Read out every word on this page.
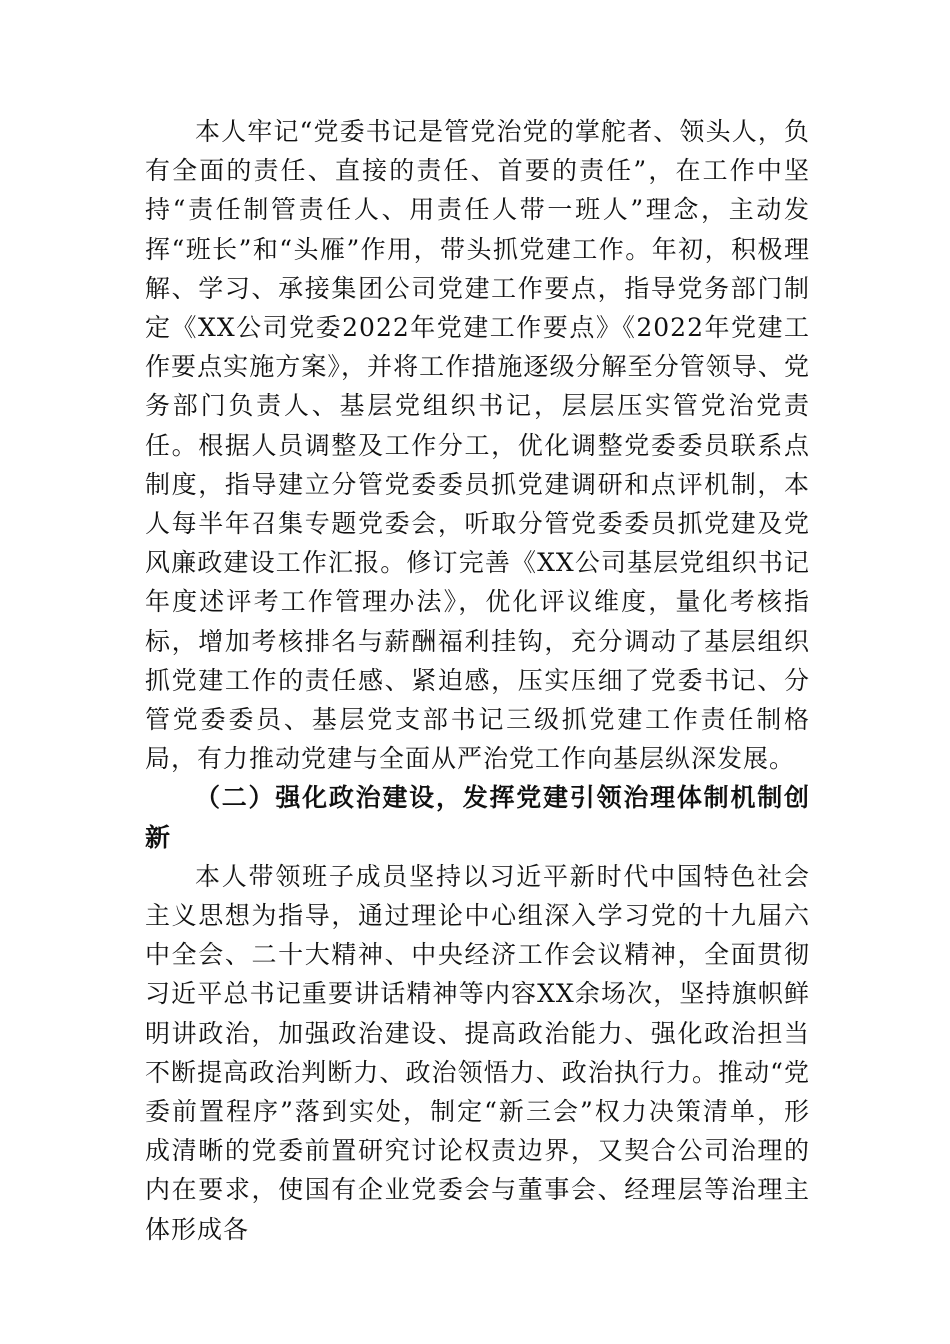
本人牢记“党委书记是管党治党的掌舵者、领头人，负有全面的责任、直接的责任、首要的责任”，在工作中坚持“责任制管责任人、用责任人带一班人”理念，主动发挥“班长”和“头雁”作用，带头抓党建工作。年初，积极理解、学习、承接集团公司党建工作要点，指导党务部门制定《XX公司党委2022年党建工作要点》《2022年党建工作要点实施方案》，并将工作措施逐级分解至分管领导、党务部门负责人、基层党组织书记，层层压实管党治党责任。根据人员调整及工作分工，优化调整党委委员联系点制度，指导建立分管党委委员抓党建调研和点评机制，本人每半年召集专题党委会，听取分管党委委员抓党建及党风廉政建设工作汇报。修订完善《XX公司基层党组织书记年度述评考工作管理办法》，优化评议维度，量化考核指标，增加考核排名与薪酬福利挂钩，充分调动了基层组织抓党建工作的责任感、紧迫感，压实压细了党委书记、分管党委委员、基层党支部书记三级抓党建工作责任制格局，有力推动党建与全面从严治党工作向基层纵深发展。

（二）强化政治建设，发挥党建引领治理体制机制创新

本人带领班子成员坚持以习近平新时代中国特色社会主义思想为指导，通过理论中心组深入学习党的十九届六中全会、二十大精神、中央经济工作会议精神，全面贯彻习近平总书记重要讲话精神等内容XX余场次，坚持旗帜鲜明讲政治，加强政治建设、提高政治能力、强化政治担当不断提高政治判断力、政治领悟力、政治执行力。推动“党委前置程序”落到实处，制定“新三会”权力决策清单，形成清晰的党委前置研究讨论权责边界，又契合公司治理的内在要求，使国有企业党委会与董事会、经理层等治理主体形成各
